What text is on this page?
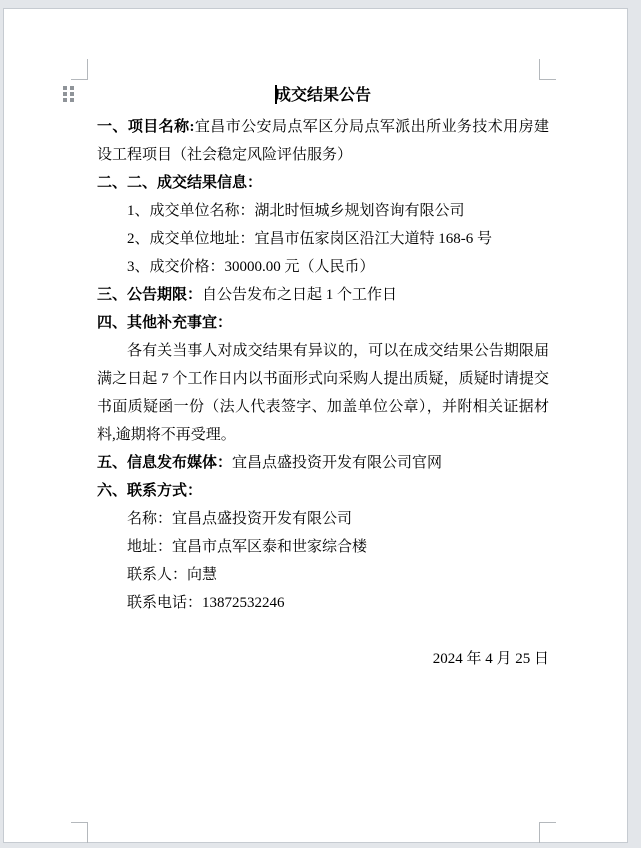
成交结果公告

一、项目名称:宜昌市公安局点军区分局点军派出所业务技术用房建设工程项目（社会稳定风险评估服务）

二、二、成交结果信息：

1、成交单位名称：湖北时恒城乡规划咨询有限公司

2、成交单位地址：宜昌市伍家岗区沿江大道特 168-6 号

3、成交价格：30000.00 元（人民币）

三、公告期限：自公告发布之日起 1 个工作日

四、其他补充事宜：

各有关当事人对成交结果有异议的，可以在成交结果公告期限届满之日起 7 个工作日内以书面形式向采购人提出质疑，质疑时请提交书面质疑函一份（法人代表签字、加盖单位公章），并附相关证据材料,逾期将不再受理。

五、信息发布媒体：宜昌点盛投资开发有限公司官网

六、联系方式：

名称：宜昌点盛投资开发有限公司

地址：宜昌市点军区泰和世家综合楼

联系人：向慧

联系电话：13872532246

2024 年 4 月 25 日
